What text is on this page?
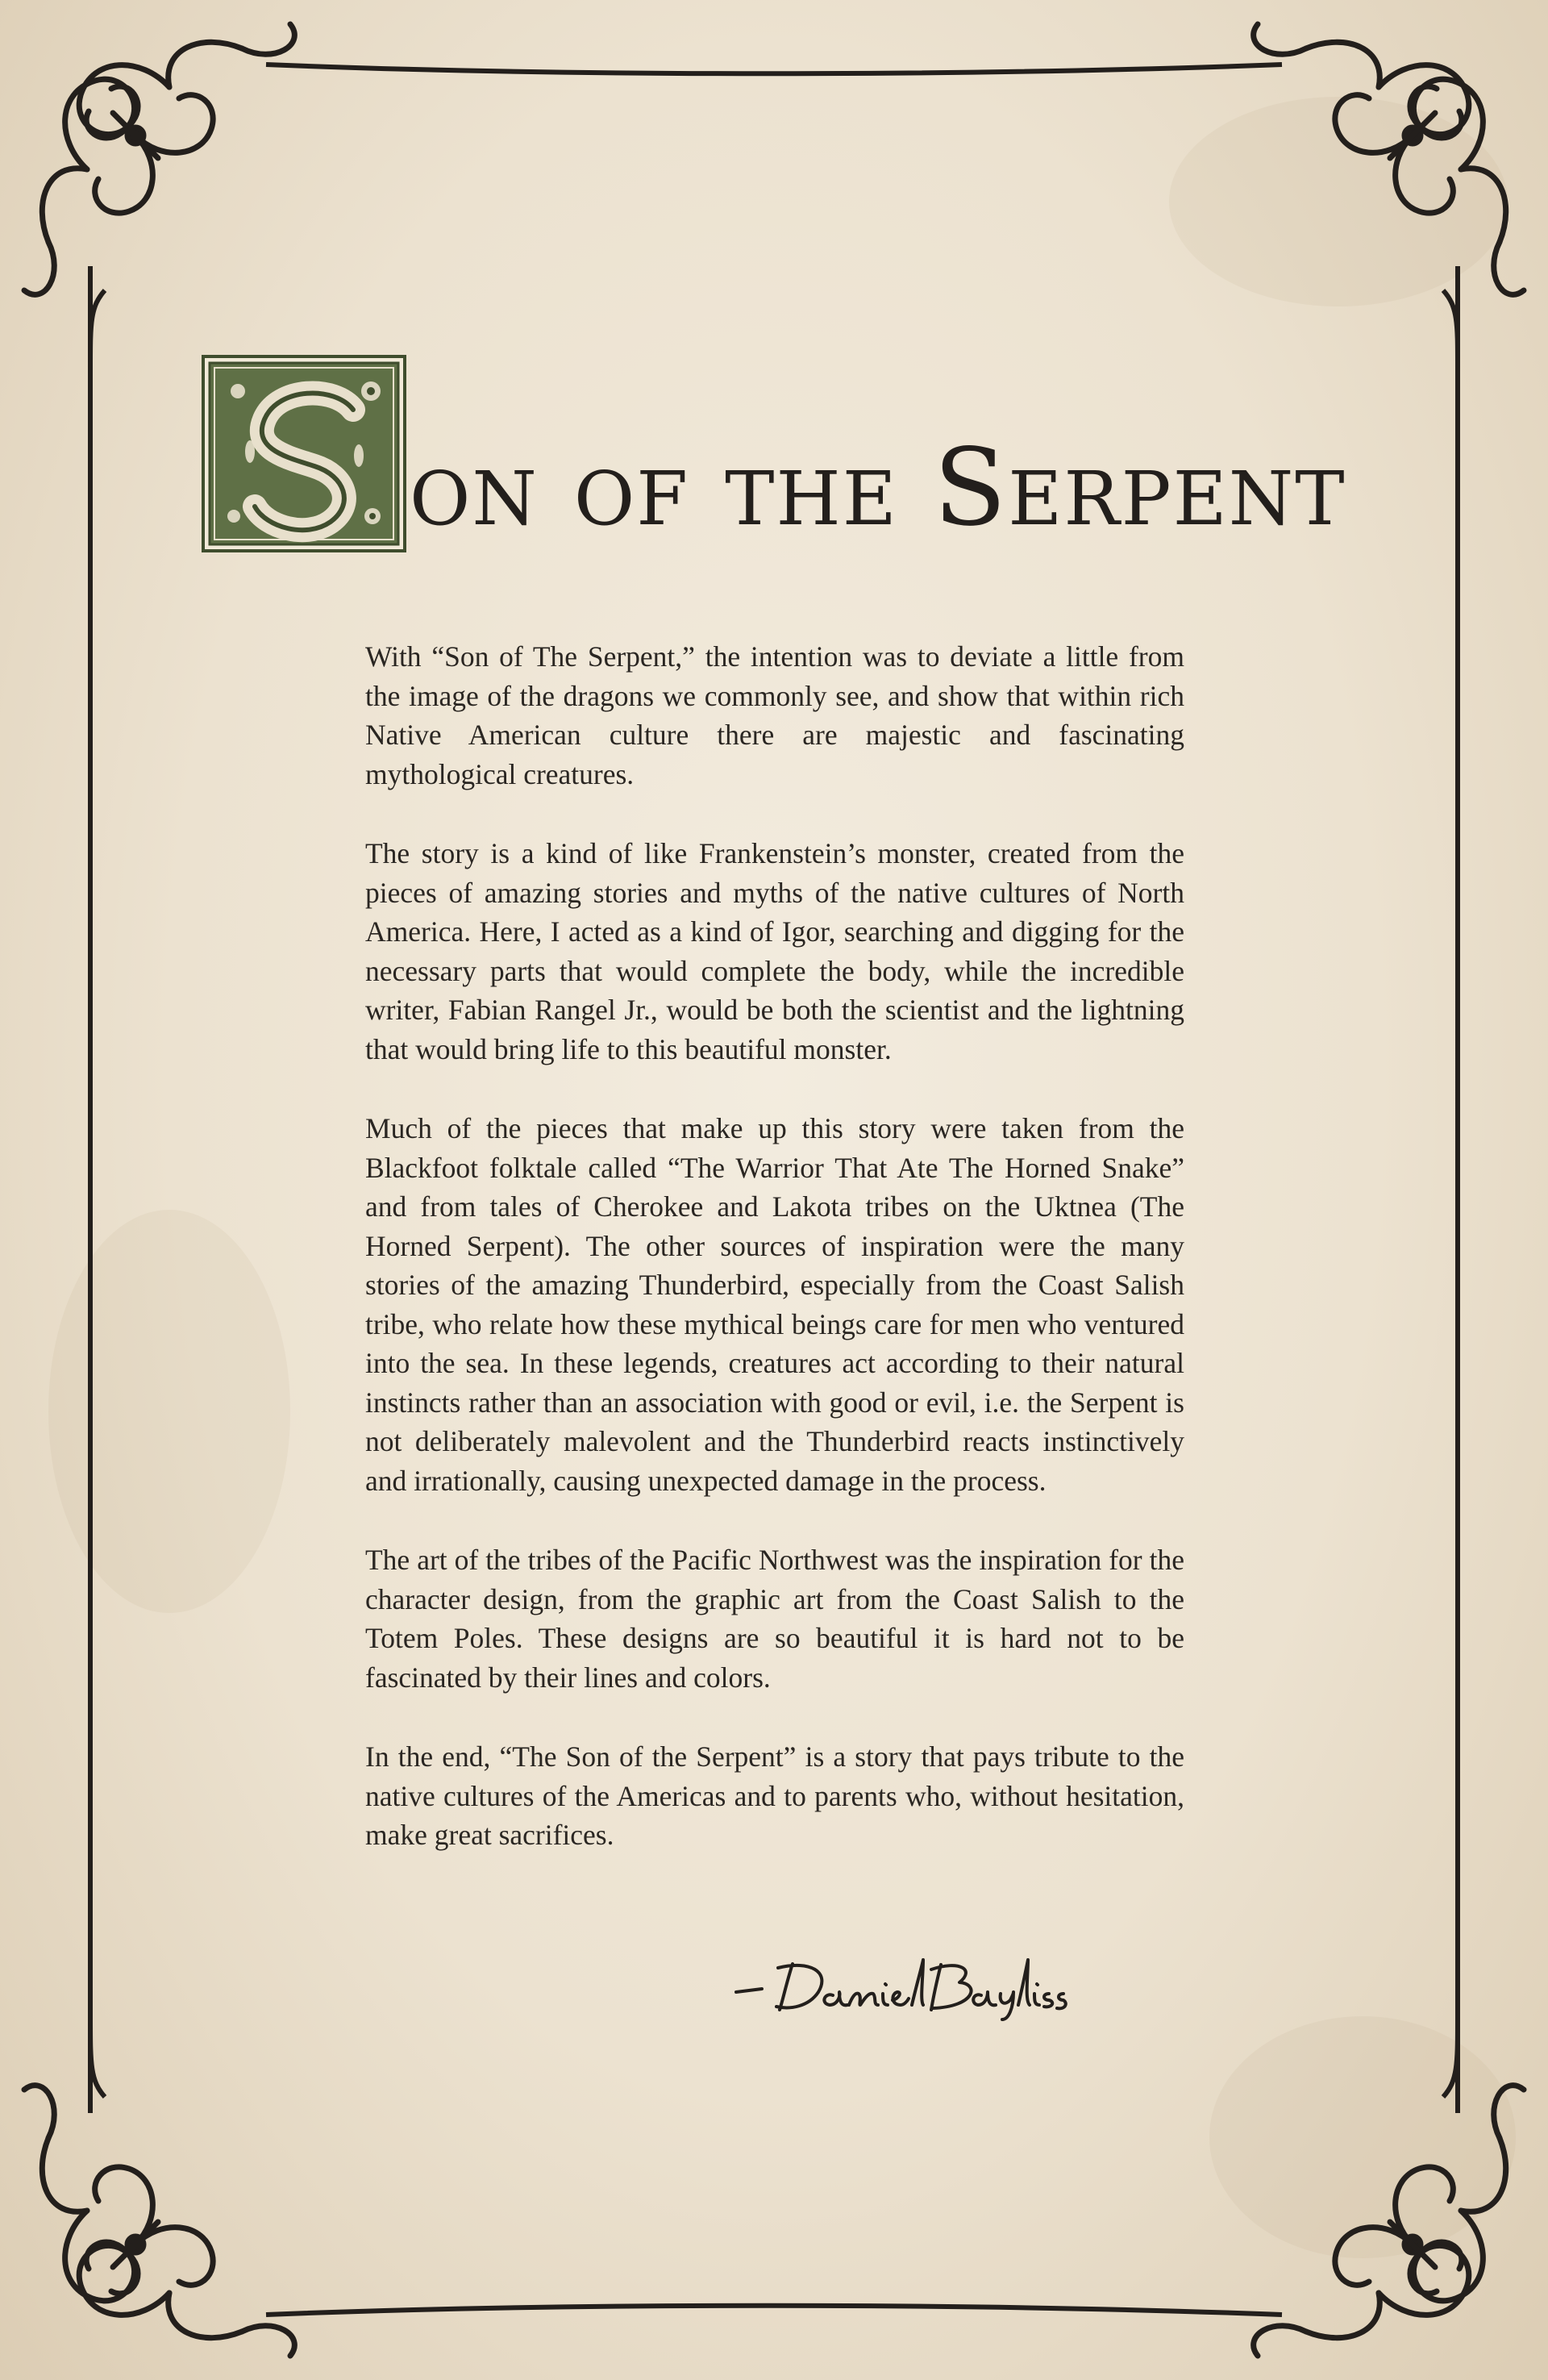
on of the Serpent

With “Son of The Serpent,” the intention was to deviate a little from the image of the dragons we commonly see, and show that within rich Native American culture there are majestic and fascinating mythological creatures.

The story is a kind of like Frankenstein’s monster, created from the pieces of amazing stories and myths of the native cultures of North America. Here, I acted as a kind of Igor, searching and digging for the necessary parts that would complete the body, while the incredible writer, Fabian Rangel Jr., would be both the scientist and the lightning that would bring life to this beautiful monster.

Much of the pieces that make up this story were taken from the Blackfoot folktale called “The Warrior That Ate The Horned Snake” and from tales of Cherokee and Lakota tribes on the Uktnea (The Horned Serpent). The other sources of inspiration were the many stories of the amazing Thunderbird, especially from the Coast Salish tribe, who relate how these mythical beings care for men who ventured into the sea. In these legends, creatures act according to their natural instincts rather than an association with good or evil, i.e. the Serpent is not deliberately malevolent and the Thunderbird reacts instinctively and irrationally, causing unexpected damage in the process.

The art of the tribes of the Pacific Northwest was the inspiration for the character design, from the graphic art from the Coast Salish to the Totem Poles. These designs are so beautiful it is hard not to be fascinated by their lines and colors.

In the end, “The Son of the Serpent” is a story that pays tribute to the native cultures of the Americas and to parents who, without hesitation, make great sacrifices.
